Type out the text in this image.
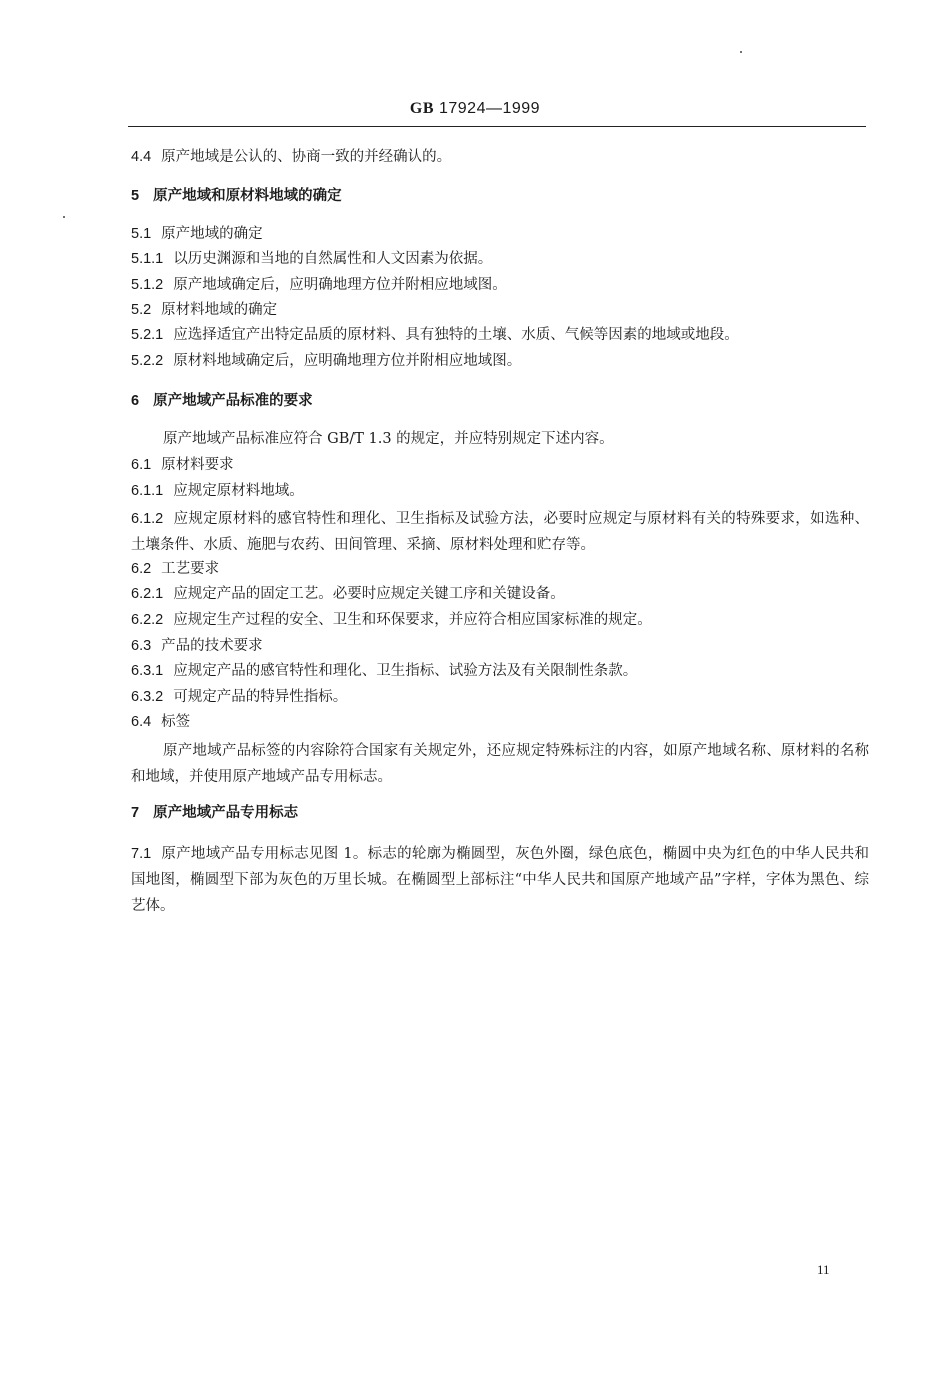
GB 17924—1999
4.4 原产地域是公认的、协商一致的并经确认的。
5 原产地域和原材料地域的确定
5.1 原产地域的确定
5.1.1 以历史渊源和当地的自然属性和人文因素为依据。
5.1.2 原产地域确定后，应明确地理方位并附相应地域图。
5.2 原材料地域的确定
5.2.1 应选择适宜产出特定品质的原材料、具有独特的土壤、水质、气候等因素的地域或地段。
5.2.2 原材料地域确定后，应明确地理方位并附相应地域图。
6 原产地域产品标准的要求
原产地域产品标准应符合 GB/T 1.3 的规定，并应特别规定下述内容。
6.1 原材料要求
6.1.1 应规定原材料地域。
6.1.2 应规定原材料的感官特性和理化、卫生指标及试验方法，必要时应规定与原材料有关的特殊要求，如选种、土壤条件、水质、施肥与农药、田间管理、采摘、原材料处理和贮存等。
6.2 工艺要求
6.2.1 应规定产品的固定工艺。必要时应规定关键工序和关键设备。
6.2.2 应规定生产过程的安全、卫生和环保要求，并应符合相应国家标准的规定。
6.3 产品的技术要求
6.3.1 应规定产品的感官特性和理化、卫生指标、试验方法及有关限制性条款。
6.3.2 可规定产品的特异性指标。
6.4 标签
原产地域产品标签的内容除符合国家有关规定外，还应规定特殊标注的内容，如原产地域名称、原材料的名称和地域，并使用原产地域产品专用标志。
7 原产地域产品专用标志
7.1 原产地域产品专用标志见图 1。标志的轮廓为椭圆型，灰色外圈，绿色底色，椭圆中央为红色的中华人民共和国地图，椭圆型下部为灰色的万里长城。在椭圆型上部标注“中华人民共和国原产地域产品”字样，字体为黑色、综艺体。
11
